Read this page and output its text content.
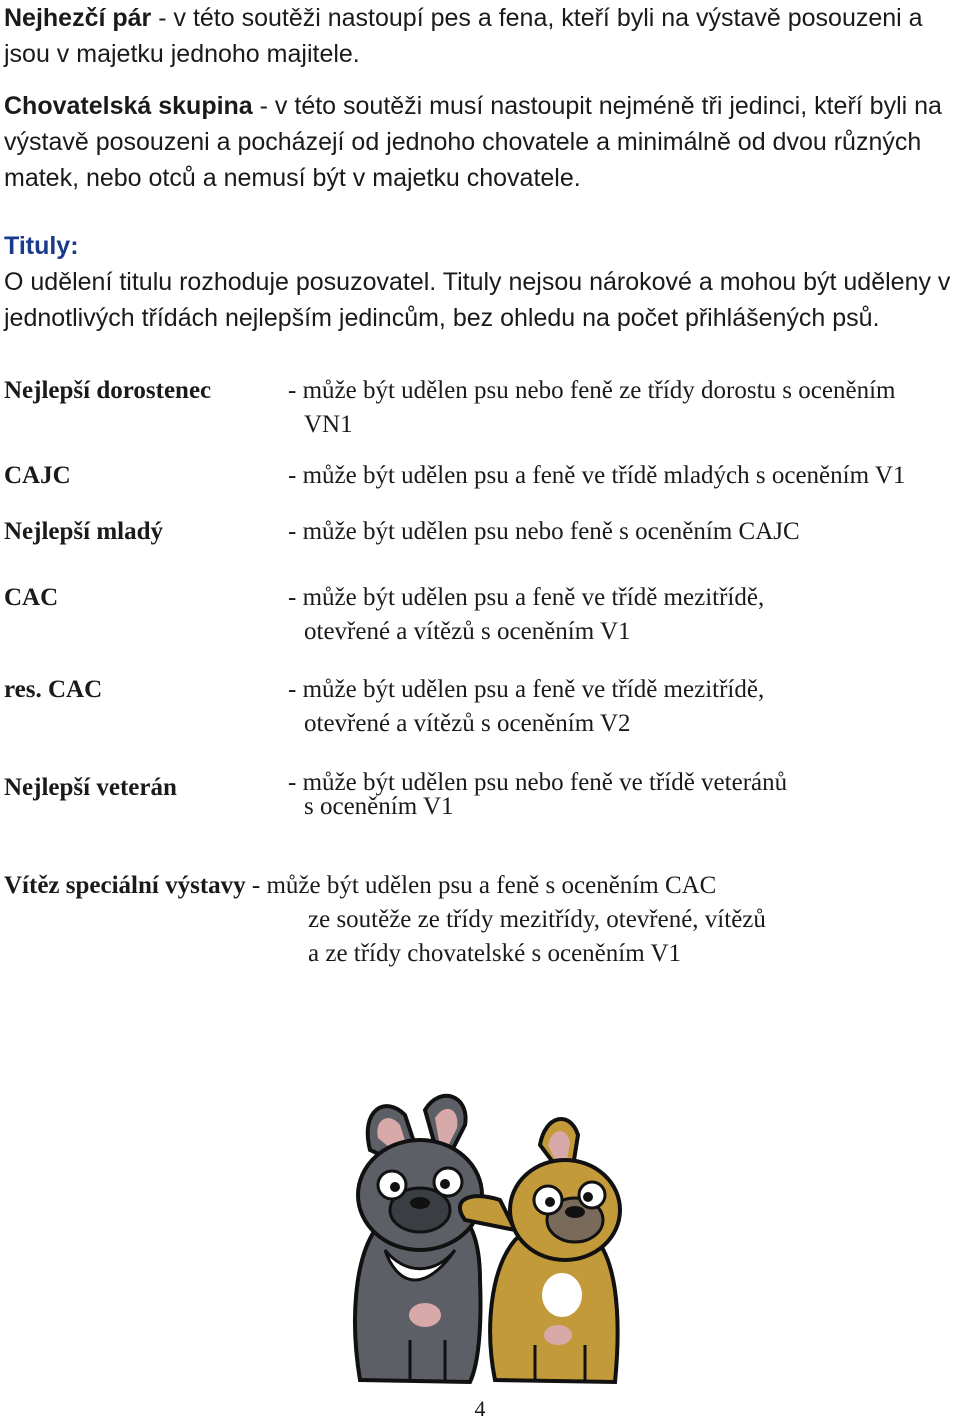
Nejhezčí pár - v této soutěži nastoupí pes a fena, kteří byli na výstavě posouzeni a jsou v majetku jednoho majitele.
Chovatelská skupina - v této soutěži musí nastoupit nejméně tři jedinci, kteří byli na výstavě posouzeni a pocházejí od jednoho chovatele a minimálně od dvou různých matek, nebo otců a nemusí být v majetku chovatele.
Tituly:
O udělení titulu rozhoduje posuzovatel. Tituly nejsou nárokové a mohou být uděleny v jednotlivých třídách nejlepším jedincům, bez ohledu na počet přihlášených psů.
Nejlepší dorostenec	- může být udělen psu nebo feně ze třídy dorostu s oceněním
VN1
CAJC	- může být udělen psu a feně ve třídě mladých s oceněním V1
Nejlepší mladý	- může být udělen psu nebo feně s oceněním CAJC
CAC	- může být udělen psu a feně ve třídě mezitřídě,
otevřené a vítězů s oceněním V1
res. CAC	- může být udělen psu a feně ve třídě mezitřídě,
otevřené a vítězů s oceněním V2
Nejlepší veterán	- může být udělen psu nebo feně ve třídě veteránů
s oceněním V1
Vítěz speciální výstavy - může být udělen psu a feně s oceněním CAC
ze soutěže ze třídy mezitřídy, otevřené, vítězů
a ze třídy chovatelské s oceněním V1
4
